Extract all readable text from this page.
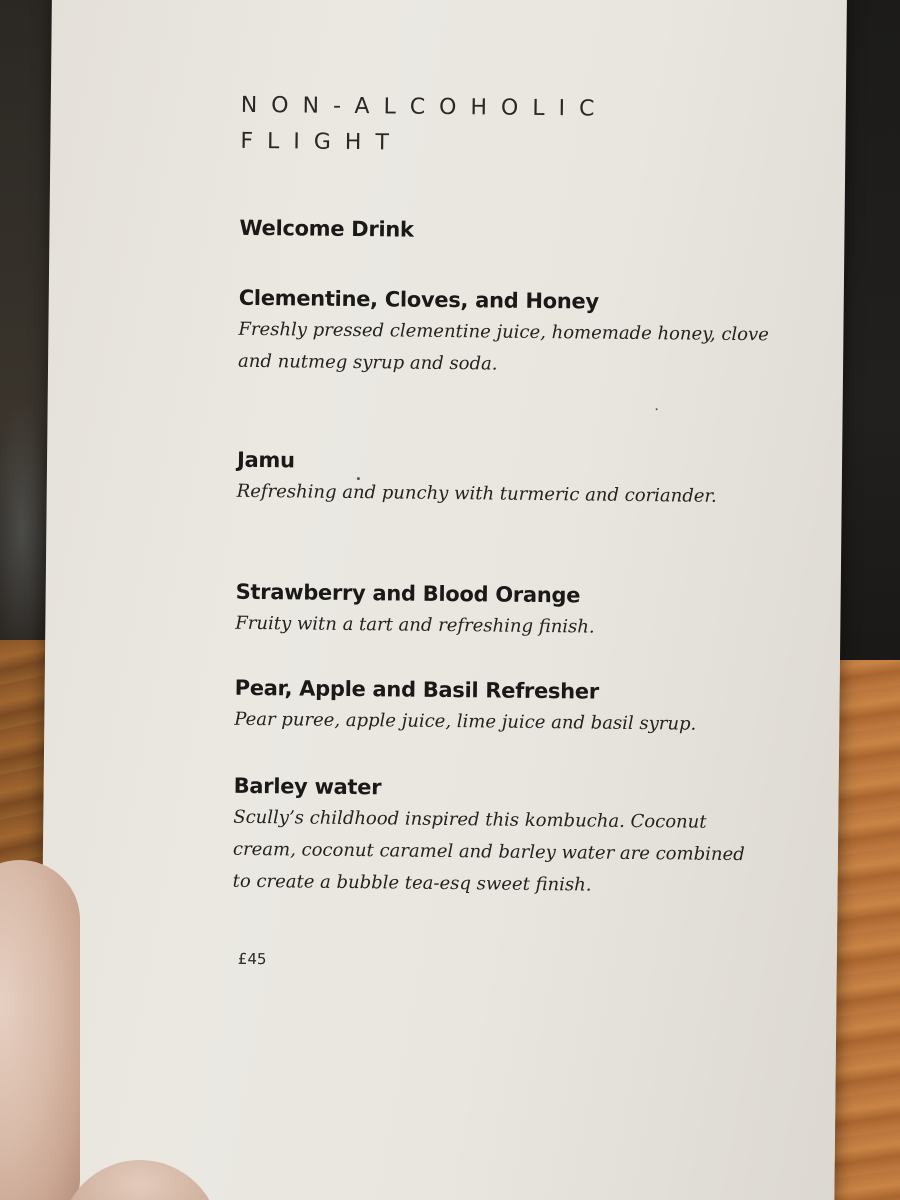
NON-ALCOHOLIC

FLIGHT

Welcome Drink

Clementine, Cloves, and Honey

Freshly pressed clementine juice, homemade honey, clove and nutmeg syrup and soda.

Jamu

Refreshing and punchy with turmeric and coriander.

Strawberry and Blood Orange

Fruity witn a tart and refreshing finish.

Pear, Apple and Basil Refresher

Pear puree, apple juice, lime juice and basil syrup.

Barley water

Scully’s childhood inspired this kombucha. Coconut cream, coconut caramel and barley water are combined to create a bubble tea-esq sweet finish.

£45
